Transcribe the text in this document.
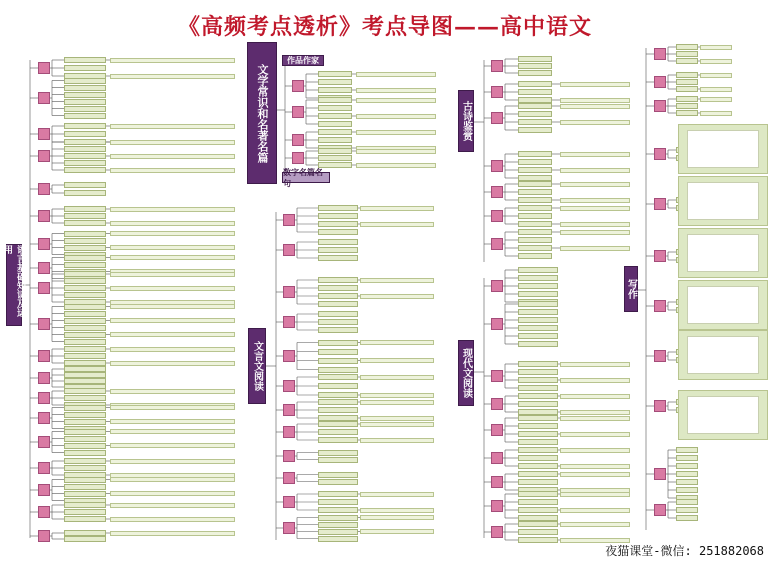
《高频考点透析》考点导图——高中语文
语言基础知识及运用
文学常识和名著名篇
文言文阅读
古诗鉴赏
现代文阅读
写作
作品作家
数字名篇名句
夜猫课堂-微信: 251882068
